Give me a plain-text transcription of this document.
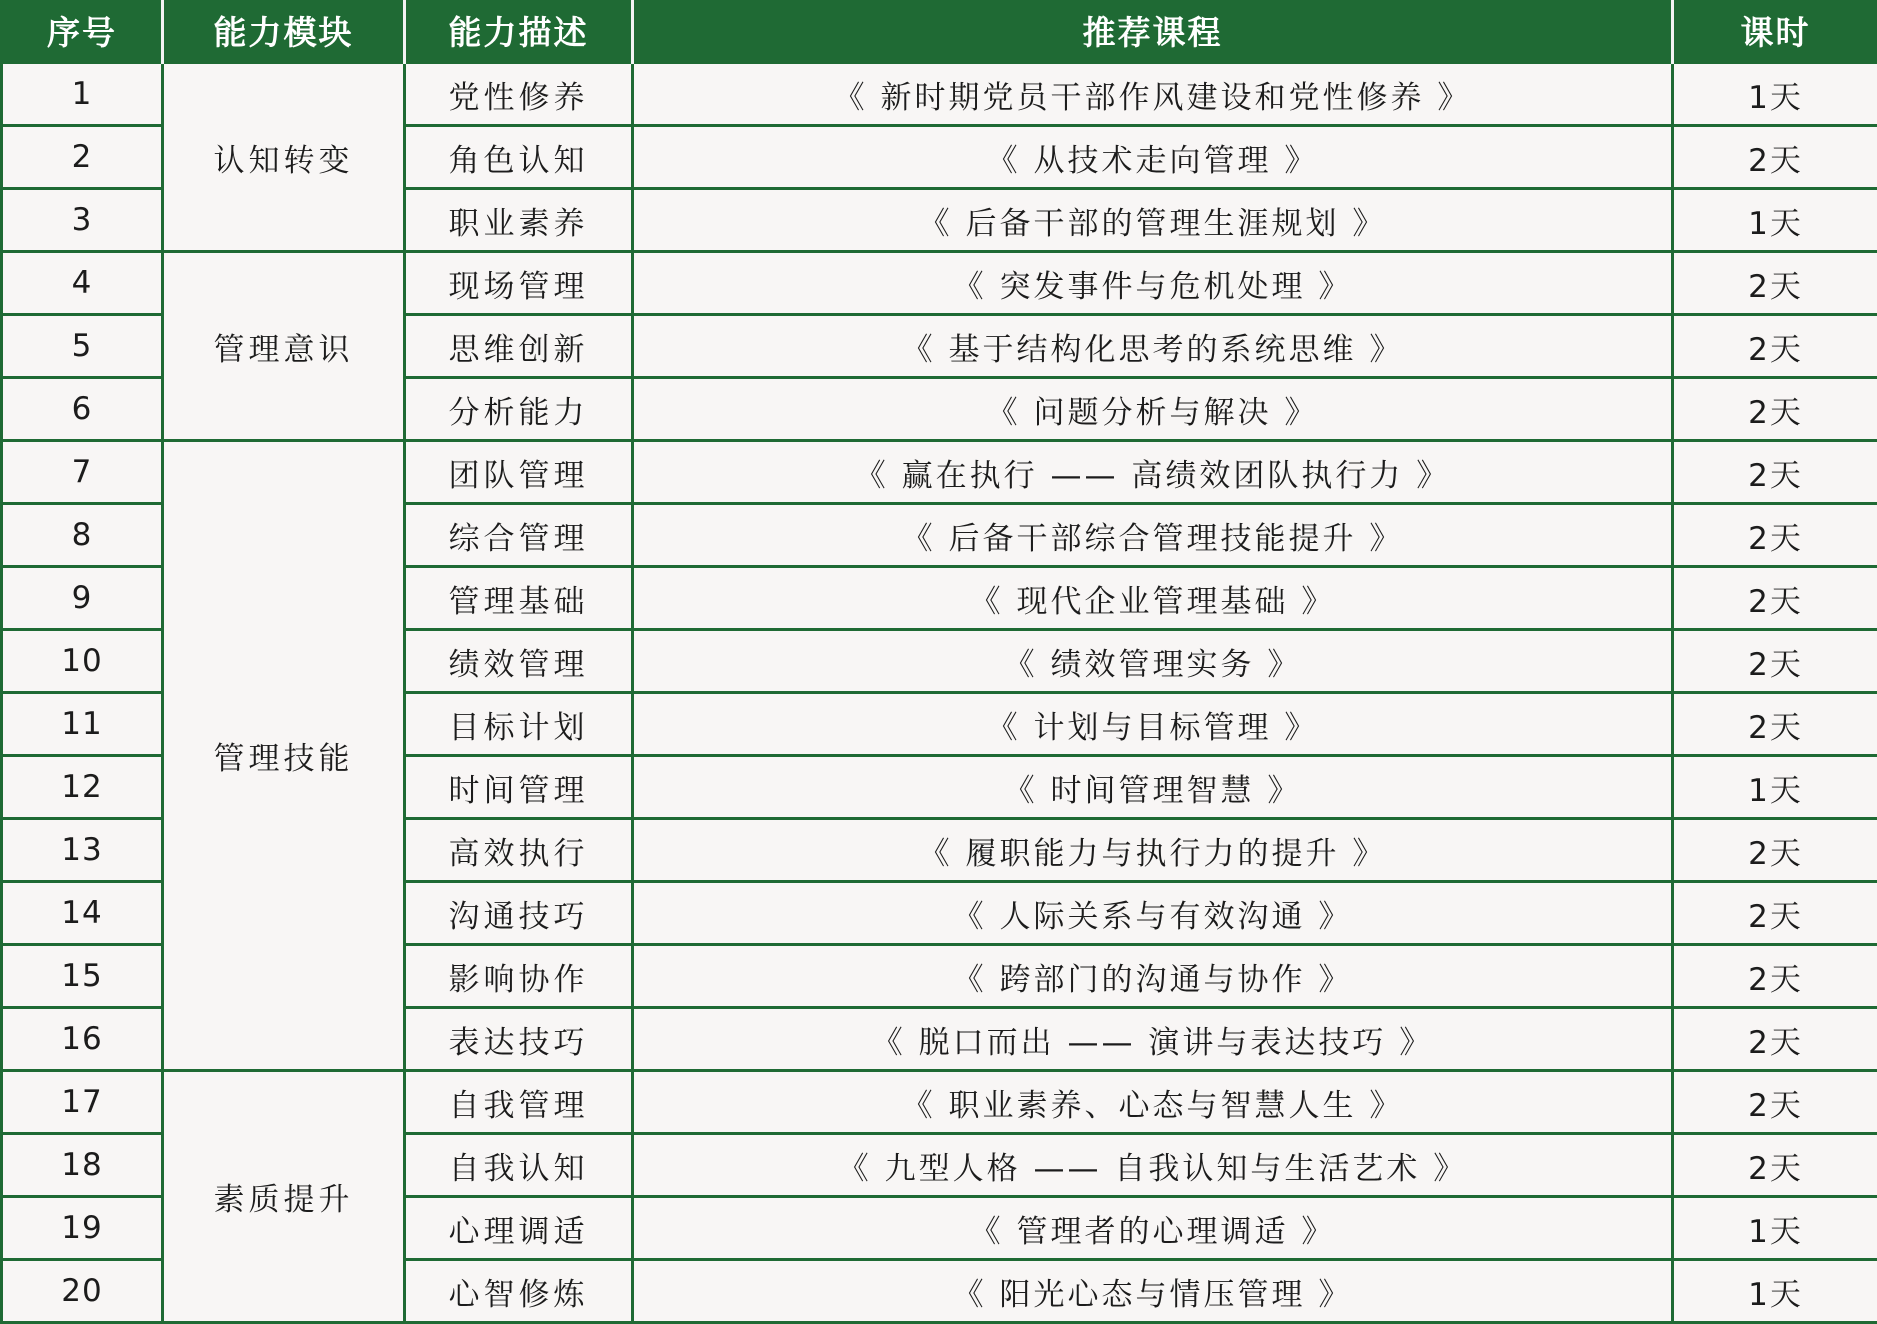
序号	能力模块	能力描述	推荐课程	课时
1	认知转变	党性修养	《 新时期党员干部作风建设和党性修养 》	1天
2		角色认知	《 从技术走向管理 》	2天
3		职业素养	《 后备干部的管理生涯规划 》	1天
4	管理意识	现场管理	《 突发事件与危机处理 》	2天
5		思维创新	《 基于结构化思考的系统思维 》	2天
6		分析能力	《 问题分析与解决 》	2天
7	管理技能	团队管理	《 赢在执行 —— 高绩效团队执行力 》	2天
8		综合管理	《 后备干部综合管理技能提升 》	2天
9		管理基础	《 现代企业管理基础 》	2天
10		绩效管理	《 绩效管理实务 》	2天
11		目标计划	《 计划与目标管理 》	2天
12		时间管理	《 时间管理智慧 》	1天
13		高效执行	《 履职能力与执行力的提升 》	2天
14		沟通技巧	《 人际关系与有效沟通 》	2天
15		影响协作	《 跨部门的沟通与协作 》	2天
16		表达技巧	《 脱口而出 —— 演讲与表达技巧 》	2天
17	素质提升	自我管理	《 职业素养、心态与智慧人生 》	2天
18		自我认知	《 九型人格 —— 自我认知与生活艺术 》	2天
19		心理调适	《 管理者的心理调适 》	1天
20		心智修炼	《 阳光心态与情压管理 》	1天
